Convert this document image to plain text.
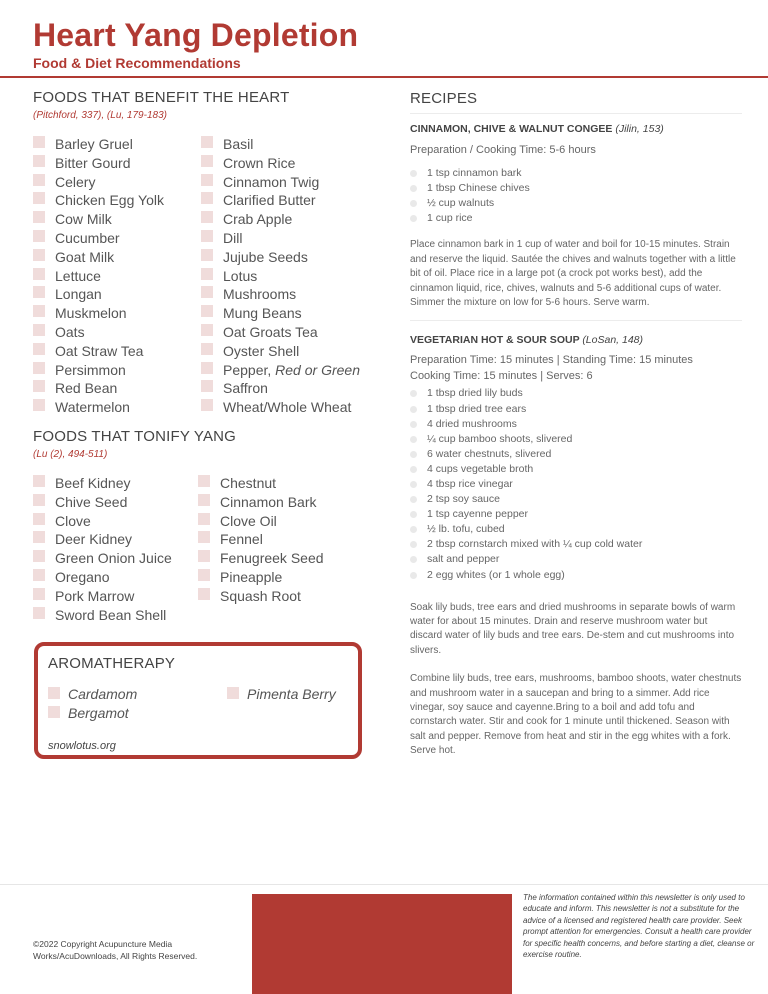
Heart Yang Depletion
Food & Diet Recommendations
FOODS THAT BENEFIT THE HEART
(Pitchford, 337), (Lu, 179-183)
Barley Gruel
Bitter Gourd
Celery
Chicken Egg Yolk
Cow Milk
Cucumber
Goat Milk
Lettuce
Longan
Muskmelon
Oats
Oat Straw Tea
Persimmon
Red Bean
Watermelon
Basil
Crown Rice
Cinnamon Twig
Clarified Butter
Crab Apple
Dill
Jujube Seeds
Lotus
Mushrooms
Mung Beans
Oat Groats Tea
Oyster Shell
Pepper, Red or Green
Saffron
Wheat/Whole Wheat
FOODS THAT TONIFY YANG
(Lu (2), 494-511)
Beef Kidney
Chive Seed
Clove
Deer Kidney
Green Onion Juice
Oregano
Pork Marrow
Sword Bean Shell
Chestnut
Cinnamon Bark
Clove Oil
Fennel
Fenugreek Seed
Pineapple
Squash Root
AROMATHERAPY
Cardamom
Bergamot
Pimenta Berry
snowlotus.org
RECIPES
CINNAMON, CHIVE & WALNUT CONGEE (Jilin, 153)
Preparation / Cooking Time: 5-6 hours
1 tsp cinnamon bark
1 tbsp Chinese chives
½ cup walnuts
1 cup rice
Place cinnamon bark in 1 cup of water and boil for 10-15 minutes. Strain and reserve the liquid. Sautée the chives and walnuts together with a little bit of oil. Place rice in a large pot (a crock pot works best), add the cinnamon liquid, rice, chives, walnuts and 5-6 additional cups of water. Simmer the mixture on low for 5-6 hours. Serve warm.
VEGETARIAN HOT & SOUR SOUP (LoSan, 148)
Preparation Time: 15 minutes | Standing Time: 15 minutes
Cooking Time: 15 minutes | Serves: 6
1 tbsp dried lily buds
1 tbsp dried tree ears
4 dried mushrooms
¼ cup bamboo shoots, slivered
6 water chestnuts, slivered
4 cups vegetable broth
4 tbsp rice vinegar
2 tsp soy sauce
1 tsp cayenne pepper
½ lb. tofu, cubed
2 tbsp cornstarch mixed with ¼ cup cold water
salt and pepper
2 egg whites (or 1 whole egg)
Soak lily buds, tree ears and dried mushrooms in separate bowls of warm water for about 15 minutes. Drain and reserve mushroom water but discard water of lily buds and tree ears. De-stem and cut mushrooms into slivers.
Combine lily buds, tree ears, mushrooms, bamboo shoots, water chestnuts and mushroom water in a saucepan and bring to a simmer. Add rice vinegar, soy sauce and cayenne.Bring to a boil and add tofu and cornstarch water. Stir and cook for 1 minute until thickened. Season with salt and pepper. Remove from heat and stir in the egg whites with a fork. Serve hot.
©2022 Copyright Acupuncture Media Works/AcuDownloads, All Rights Reserved.
The information contained within this newsletter is only used to educate and inform. This newsletter is not a substitute for the advice of a licensed and registered health care provider. Seek prompt attention for emergencies. Consult a health care provider for specific health concerns, and before starting a diet, cleanse or exercise routine.
